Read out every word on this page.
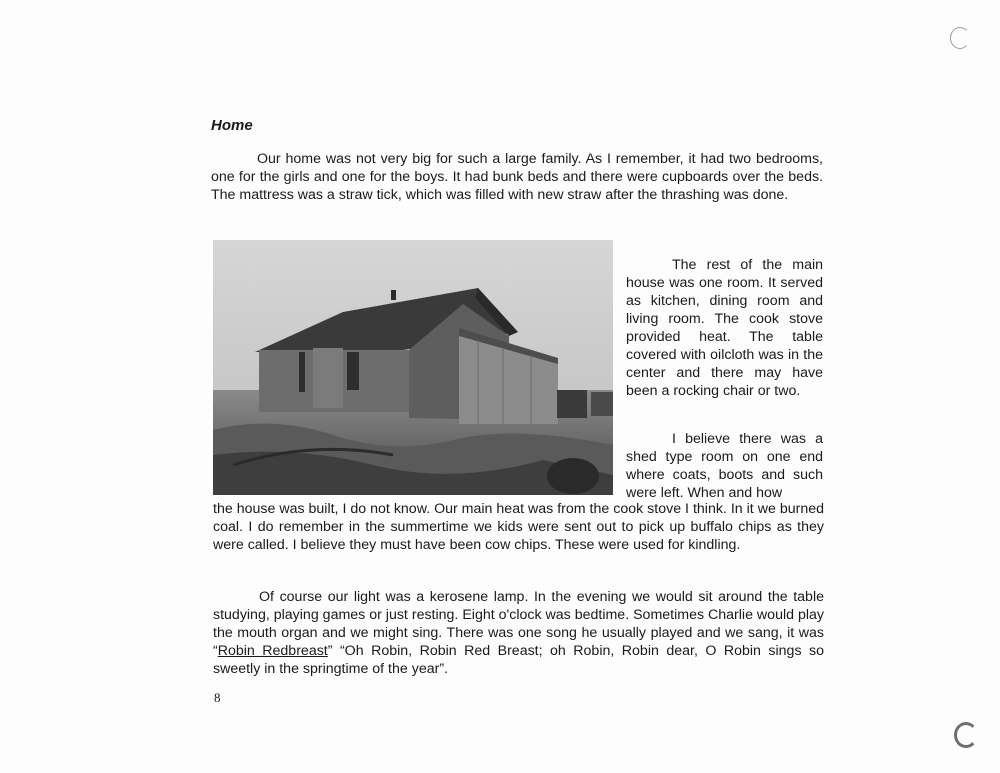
Home

Our home was not very big for such a large family. As I remember, it had two bedrooms, one for the girls and one for the boys. It had bunk beds and there were cupboards over the beds. The mattress was a straw tick, which was filled with new straw after the thrashing was done.

The rest of the main house was one room. It served as kitchen, dining room and living room. The cook stove provided heat. The table covered with oilcloth was in the center and there may have been a rocking chair or two.

I believe there was a shed type room on one end where coats, boots and such were left. When and how

the house was built, I do not know. Our main heat was from the cook stove I think. In it we burned coal. I do remember in the summertime we kids were sent out to pick up buffalo chips as they were called. I believe they must have been cow chips. These were used for kindling.

Of course our light was a kerosene lamp. In the evening we would sit around the table studying, playing games or just resting. Eight o'clock was bedtime. Sometimes Charlie would play the mouth organ and we might sing. There was one song he usually played and we sang, it was “Robin Redbreast” “Oh Robin, Robin Red Breast; oh Robin, Robin dear, O Robin sings so sweetly in the springtime of the year”.

8
